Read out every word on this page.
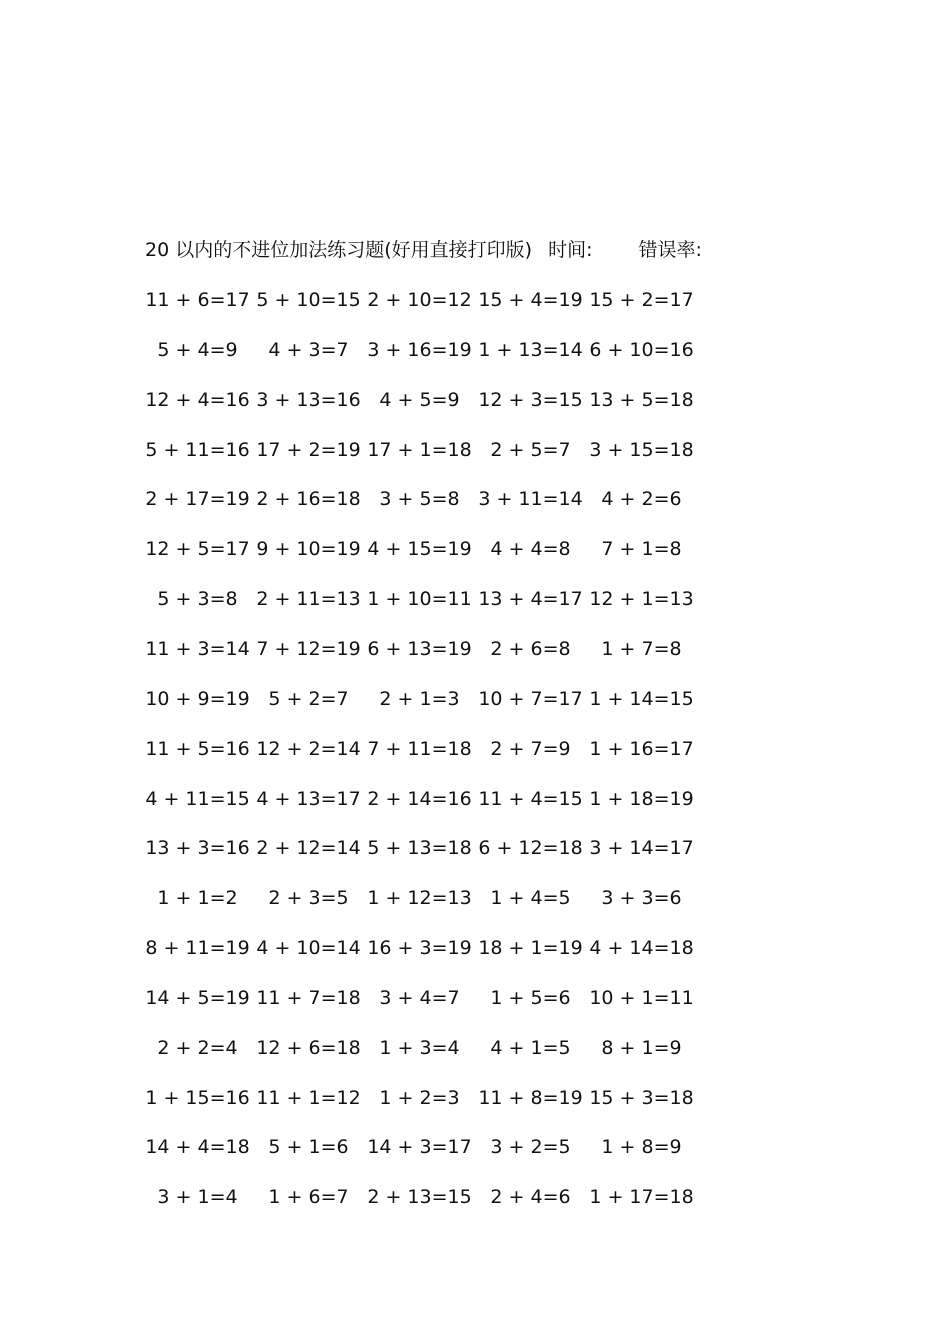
20 以内的不进位加法练习题(好用直接打印版) 时间: 错误率:
11 + 6=17 5 + 10=15 2 + 10=12 15 + 4=19 15 + 2=17
5 + 4=9	4 + 3=7 3 + 16=19 1 + 13=14 6 + 10=16
12 + 4=16 3 + 13=16 4 + 5=9 12 + 3=15 13 + 5=18
5 + 11=16 17 + 2=19 17 + 1=18 2 + 5=7 3 + 15=18
2 + 17=19 2 + 16=18 3 + 5=8 3 + 11=14 4 + 2=6
12 + 5=17 9 + 10=19 4 + 15=19 4 + 4=8	7 + 1=8
5 + 3=8 2 + 11=13 1 + 10=11 13 + 4=17 12 + 1=13
11 + 3=14 7 + 12=19 6 + 13=19 2 + 6=8	1 + 7=8
10 + 9=19 5 + 2=7	2 + 1=3 10 + 7=17 1 + 14=15
11 + 5=16 12 + 2=14 7 + 11=18 2 + 7=9 1 + 16=17
4 + 11=15 4 + 13=17 2 + 14=16 11 + 4=15 1 + 18=19
13 + 3=16 2 + 12=14 5 + 13=18 6 + 12=18 3 + 14=17
1 + 1=2	2 + 3=5 1 + 12=13 1 + 4=5	3 + 3=6
8 + 11=19 4 + 10=14 16 + 3=19 18 + 1=19 4 + 14=18
14 + 5=19 11 + 7=18 3 + 4=7	1 + 5=6 10 + 1=11
2 + 2=4 12 + 6=18 1 + 3=4	4 + 1=5	8 + 1=9
1 + 15=16 11 + 1=12 1 + 2=3 11 + 8=19 15 + 3=18
14 + 4=18 5 + 1=6 14 + 3=17 3 + 2=5	1 + 8=9
3 + 1=4	1 + 6=7 2 + 13=15 2 + 4=6 1 + 17=18
